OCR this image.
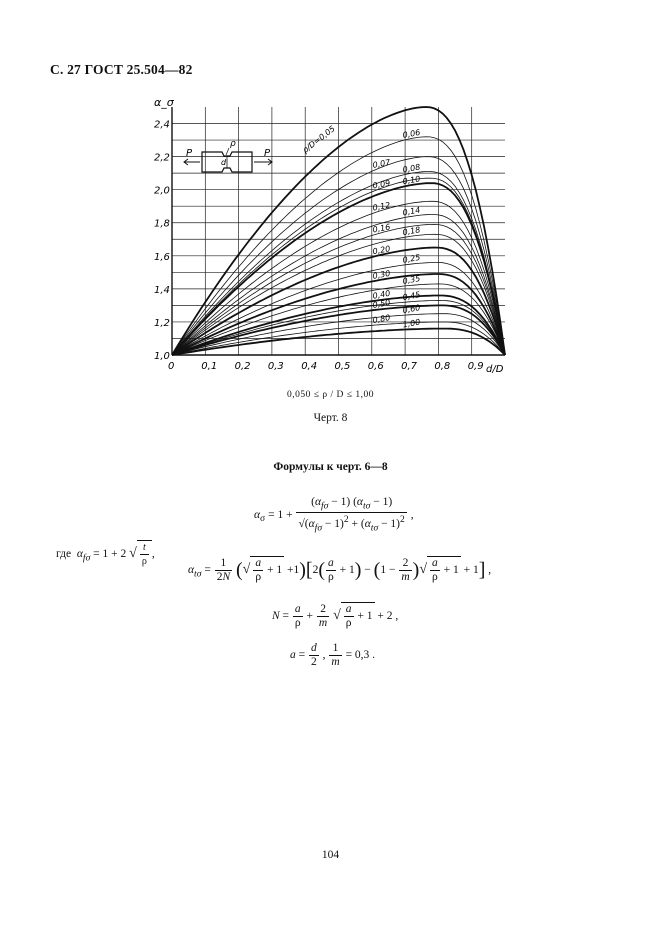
С. 27 ГОСТ 25.504—82
0	0,1 0,2 0,3 0,4 0,5 0,6 0,7 0,8 0,9
1,0
1,2
1,4
1,6
1,8
2,0
2,2
2,4	ρ/D=0,05	0,06
0,07 0,08
0,09 0,10
0,12 0,14
0,16 0,18
0,20
0,25
0,30 0,35
0,40 0,45
0,50 0,60
0,80 1,00
α_σ
d/D
P	P
ρ
d
0,050 ≤ ρ / D ≤ 1,00
Черт. 8
Формулы к черт. 6—8
$\alpha_\sigma = 1 + \frac{(\alpha_{f\sigma} - 1) (\alpha_{t\sigma} - 1)}{√(\alpha_{f\sigma} - 1)^2 + (\alpha_{t\sigma} - 1)^2}$ ,
где  $\alpha_{f\sigma} = 1 + 2$ √ $\frac{t}{\rho}$ ,
$\alpha_{t\sigma} = \frac{1}{2N}$ (√ $\frac{a}{\rho} + 1 +1)[2( \frac{a}{\rho} + 1) - (1 - \frac{2}{m}$ )√ $\frac{a}{\rho} + 1 + 1$] ,
$N = \frac{a}{\rho} + \frac{2}{m}$ √ $\frac{a}{\rho} + 1 + 2$ ,
$a = \frac{d}{2}$ , $\frac{1}{m} = 0,3$ .
104
